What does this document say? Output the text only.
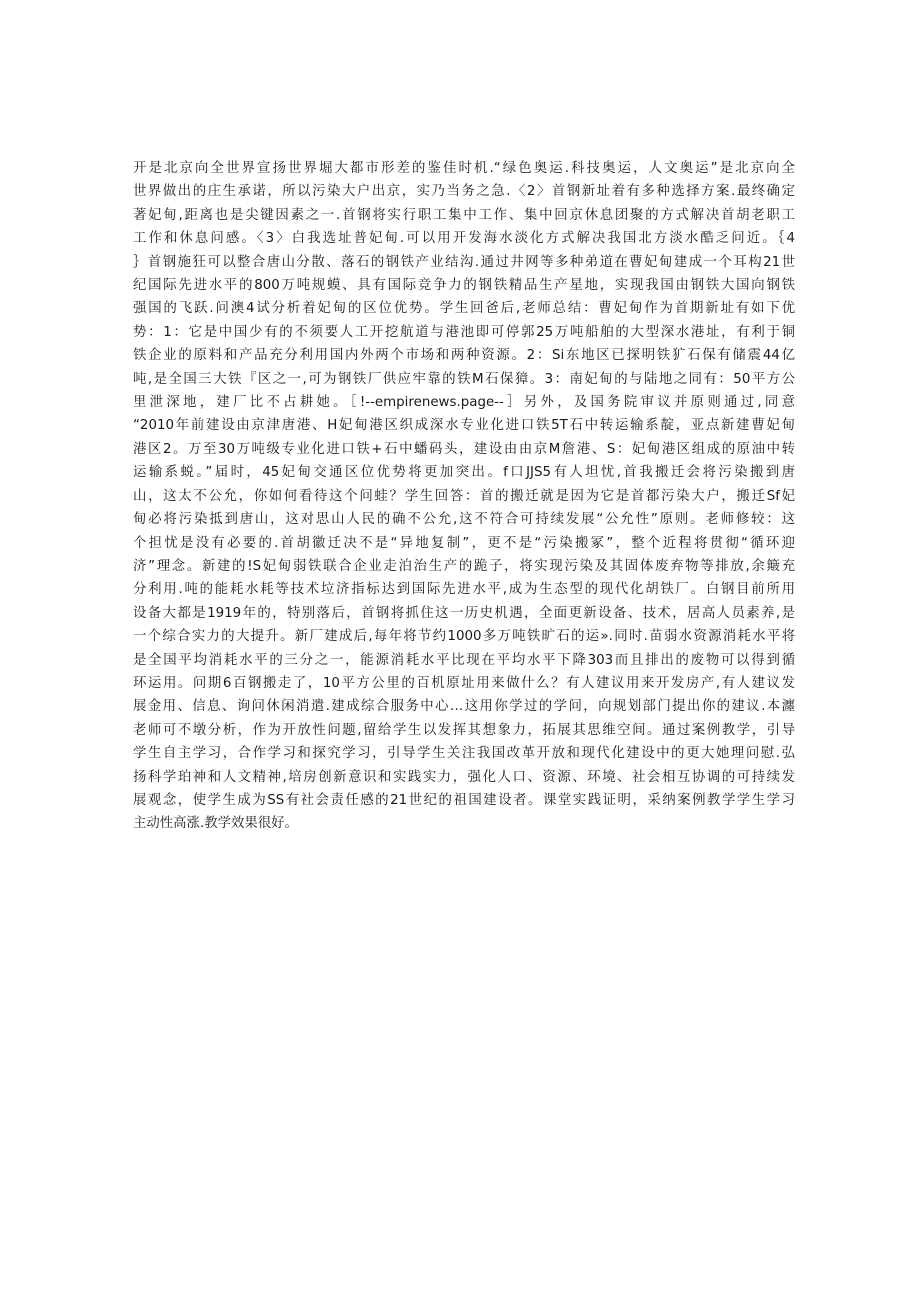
开是北京向全世界宣扬世界堀大都市形差的鉴佳时机.“绿色奥运.科技奥运，人文奥运”是北京向全
世界做出的庄生承诺，所以污染大户出京，实乃当务之急.〈2〉首钢新址着有多种选择方案.最终确定
著妃甸,距离也是尖键因素之一.首钢将实行职工集中工作、集中回京休息团聚的方式解决首胡老职工
工作和休息问感。〈3〉白我选址普妃甸.可以用开发海水淡化方式解决我国北方淡水酷乏问近。｛4
｝首钢施狂可以整合唐山分散、落石的钢铁产业结沟.通过井网等多种弟道在曹妃甸建成一个耳构21世
纪国际先进水平的800万吨规蟆、具有国际竞争力的钢铁精品生产星地，实现我国由钢铁大国向钢铁
强国的飞跃.问澳4试分析着妃甸的区位优势。学生回爸后,老师总结：曹妃甸作为首期新址有如下优
势：1：它是中国少有的不须要人工开挖航道与港池即可停郭25万吨船舶的大型深水港址，有利于铜
铁企业的原料和产品充分利用国内外两个市场和两种资源。2：Si东地区已探明铁犷石保有储震44亿
吨,是全国三大铁『区之一,可为钢铁厂供应牢靠的铁M石保獐。3：南妃甸的与陆地之同有：50平方公
里泄深地，建厂比不占耕她。［!--empirenews.page--］另外，及国务院审议并原则通过,同意
“2010年前建设由京津唐港、H妃甸港区织成深水专业化进口铁5T石中转运输系靛，亚点新建曹妃甸
港区2。万至30万吨级专业化进口铁+石中蟠码头，建设由由京M詹港、S：妃甸港区组成的原油中转
运输系蜕。”届时，45妃甸交通区位优势将更加突出。f口JJS5有人坦忧,首我搬迁会将污染搬到唐
山，这太不公允，你如何看待这个问蛙？学生回答：首的搬迁就是因为它是首都污染大户，搬迁Sf妃
甸必将污染抵到唐山，这对思山人民的确不公允,这不符合可持续发展“公允性”原则。老师修较：这
个担忧是没有必要的.首胡徽迁决不是“异地复制”，更不是“污染搬冢”，整个近程将贯彻“循环迎
济”理念。新建的!S妃甸弱铁联合企业走泊治生产的跪子，将实现污染及其固体废弃物等排放,余簸充
分利用.吨的能耗水耗等技术垃济指标达到国际先进水平,成为生态型的现代化胡铁厂。白钢目前所用
设备大都是1919年的，特别落后，首钢将抓住这一历史机遇，全面更新设备、技术，居高人员素养,是
一个综合实力的大提升。新厂建成后,每年将节约1000多万吨铁旷石的运».同时.苗弱水资源消耗水平将
是全国平均消耗水平的三分之一，能源消耗水平比现在平均水平下降303而且排出的废物可以得到循
环运用。问期6百钢搬走了，10平方公里的百机原址用来做什么？有人建议用来开发房产,有人建议发
展金用、信息、询问休闲消遣.建成综合服务中心…这用你学过的学问，向规划部门提出你的建议.本瀍
老师可不墩分析，作为开放性问题,留给学生以发挥其想象力，拓展其思维空间。通过案例教学，引导
学生自主学习，合作学习和探究学习，引导学生关注我国改革开放和现代化建设中的更大她理问慰.弘
扬科学珀神和人文精神,培房创新意识和实践实力，强化人口、资源、环境、社会相互协调的可持续发
展观念，使学生成为SS有社会责任感的21世纪的祖国建设者。课堂实践证明，采纳案例教学学生学习
主动性高涨.教学效果很好。
